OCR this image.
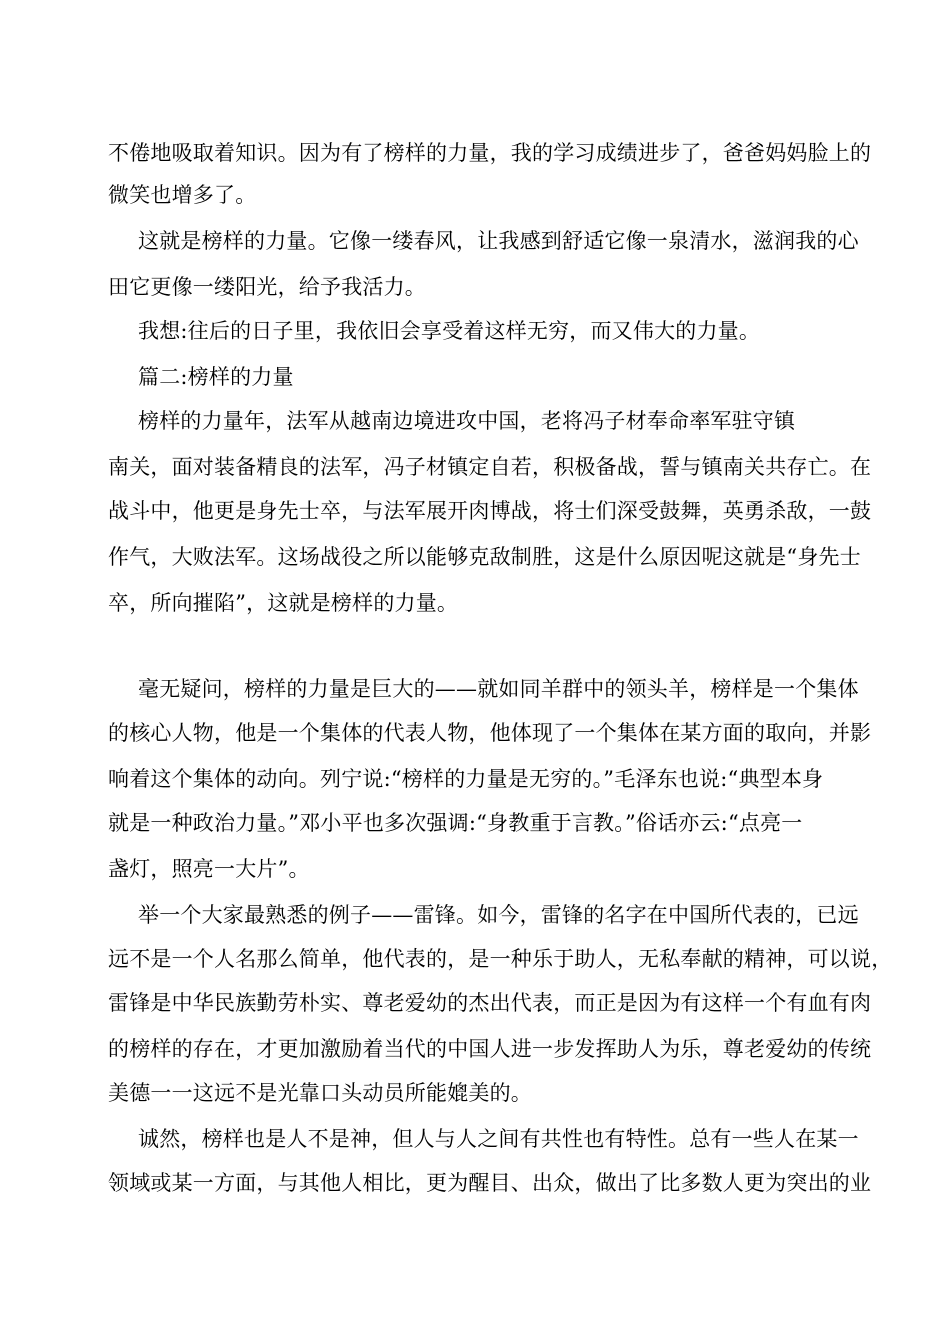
不倦地吸取着知识。因为有了榜样的力量，我的学习成绩进步了，爸爸妈妈脸上的
微笑也增多了。
这就是榜样的力量。它像一缕春风，让我感到舒适它像一泉清水，滋润我的心
田它更像一缕阳光，给予我活力。
我想:往后的日子里，我依旧会享受着这样无穷，而又伟大的力量。
篇二:榜样的力量
榜样的力量年，法军从越南边境进攻中国，老将冯子材奉命率军驻守镇
南关，面对装备精良的法军，冯子材镇定自若，积极备战，誓与镇南关共存亡。在
战斗中，他更是身先士卒，与法军展开肉博战，将士们深受鼓舞，英勇杀敌，一鼓
作气，大败法军。这场战役之所以能够克敌制胜，这是什么原因呢这就是“身先士
卒，所向摧陷”，这就是榜样的力量。
毫无疑问，榜样的力量是巨大的——就如同羊群中的领头羊，榜样是一个集体
的核心人物，他是一个集体的代表人物，他体现了一个集体在某方面的取向，并影
响着这个集体的动向。列宁说:“榜样的力量是无穷的。”毛泽东也说:“典型本身
就是一种政治力量。”邓小平也多次强调:“身教重于言教。”俗话亦云:“点亮一
盏灯，照亮一大片”。
举一个大家最熟悉的例子——雷锋。如今，雷锋的名字在中国所代表的，已远
远不是一个人名那么简单，他代表的，是一种乐于助人，无私奉献的精神，可以说，
雷锋是中华民族勤劳朴实、尊老爱幼的杰出代表，而正是因为有这样一个有血有肉
的榜样的存在，才更加激励着当代的中国人进一步发挥助人为乐，尊老爱幼的传统
美德一一这远不是光靠口头动员所能媲美的。
诚然，榜样也是人不是神，但人与人之间有共性也有特性。总有一些人在某一
领域或某一方面，与其他人相比，更为醒目、出众，做出了比多数人更为突出的业
